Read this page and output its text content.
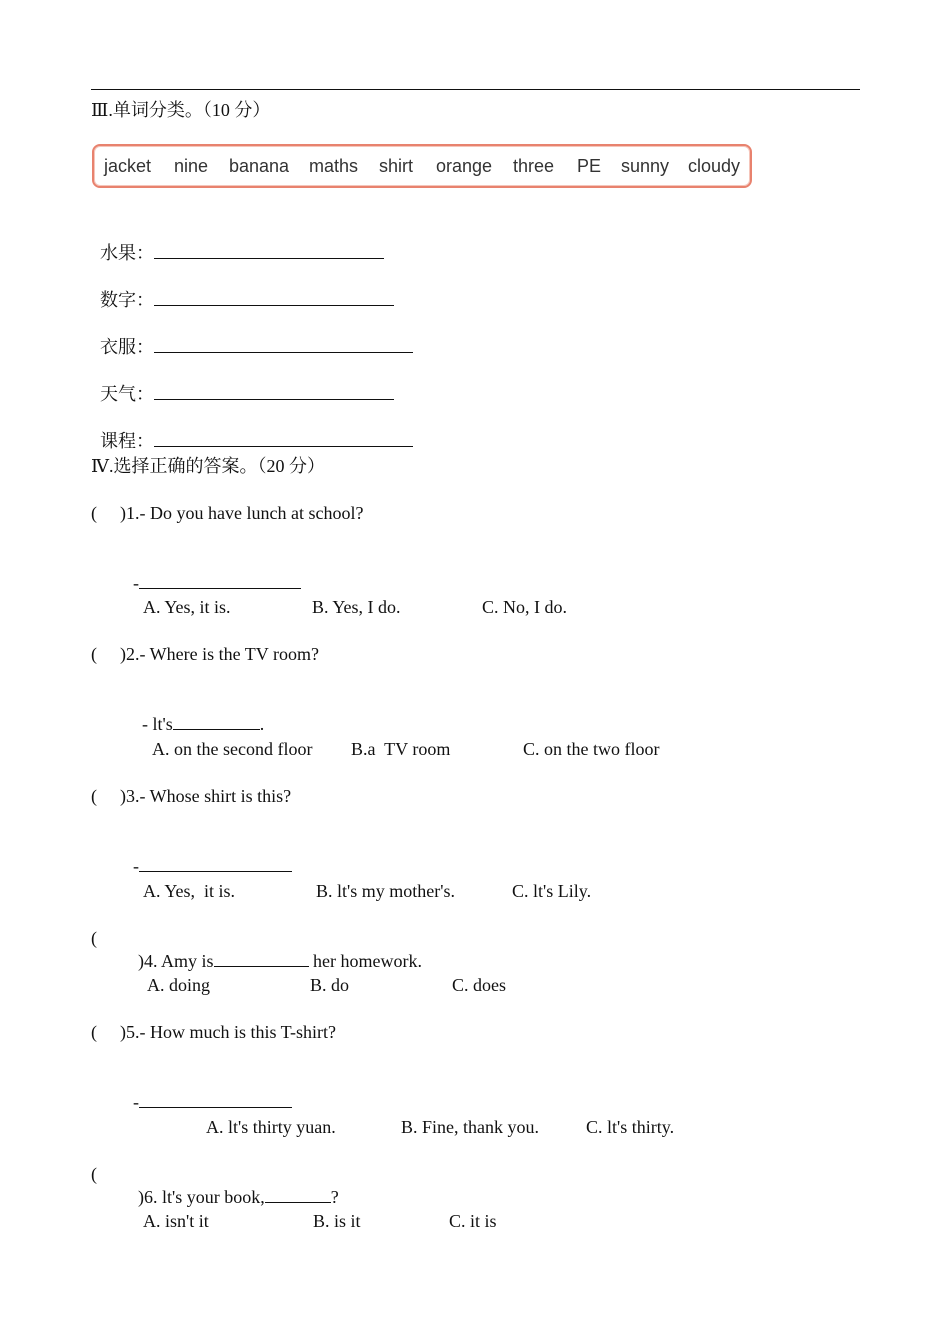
Ⅲ.单词分类。（10 分）
jacket nine banana maths shirt orange three PE sunny cloudy

水果：

数字：

衣服：

天气：

课程：

Ⅳ.选择正确的答案。（20 分）
( )1.- Do you have lunch at school?

-

A. Yes, it is.	B. Yes, I do.	C. No, I do.
( )2.- Where is the TV room?

- lt's	.

A. on the second floor B.a  TV room	C. on the two floor
( )3.- Whose shirt is this?

-

A. Yes,  it is.	B. lt's my mother's.	C. lt's Lily.
(

)4. Amy is	her homework.

A. doing	B. do	C. does
( )5.- How much is this T-shirt?

-

A. lt's thirty yuan.	B. Fine, thank you.	C. lt's thirty.
(

)6. lt's your book,	?

A. isn't it	B. is it	C. it is
